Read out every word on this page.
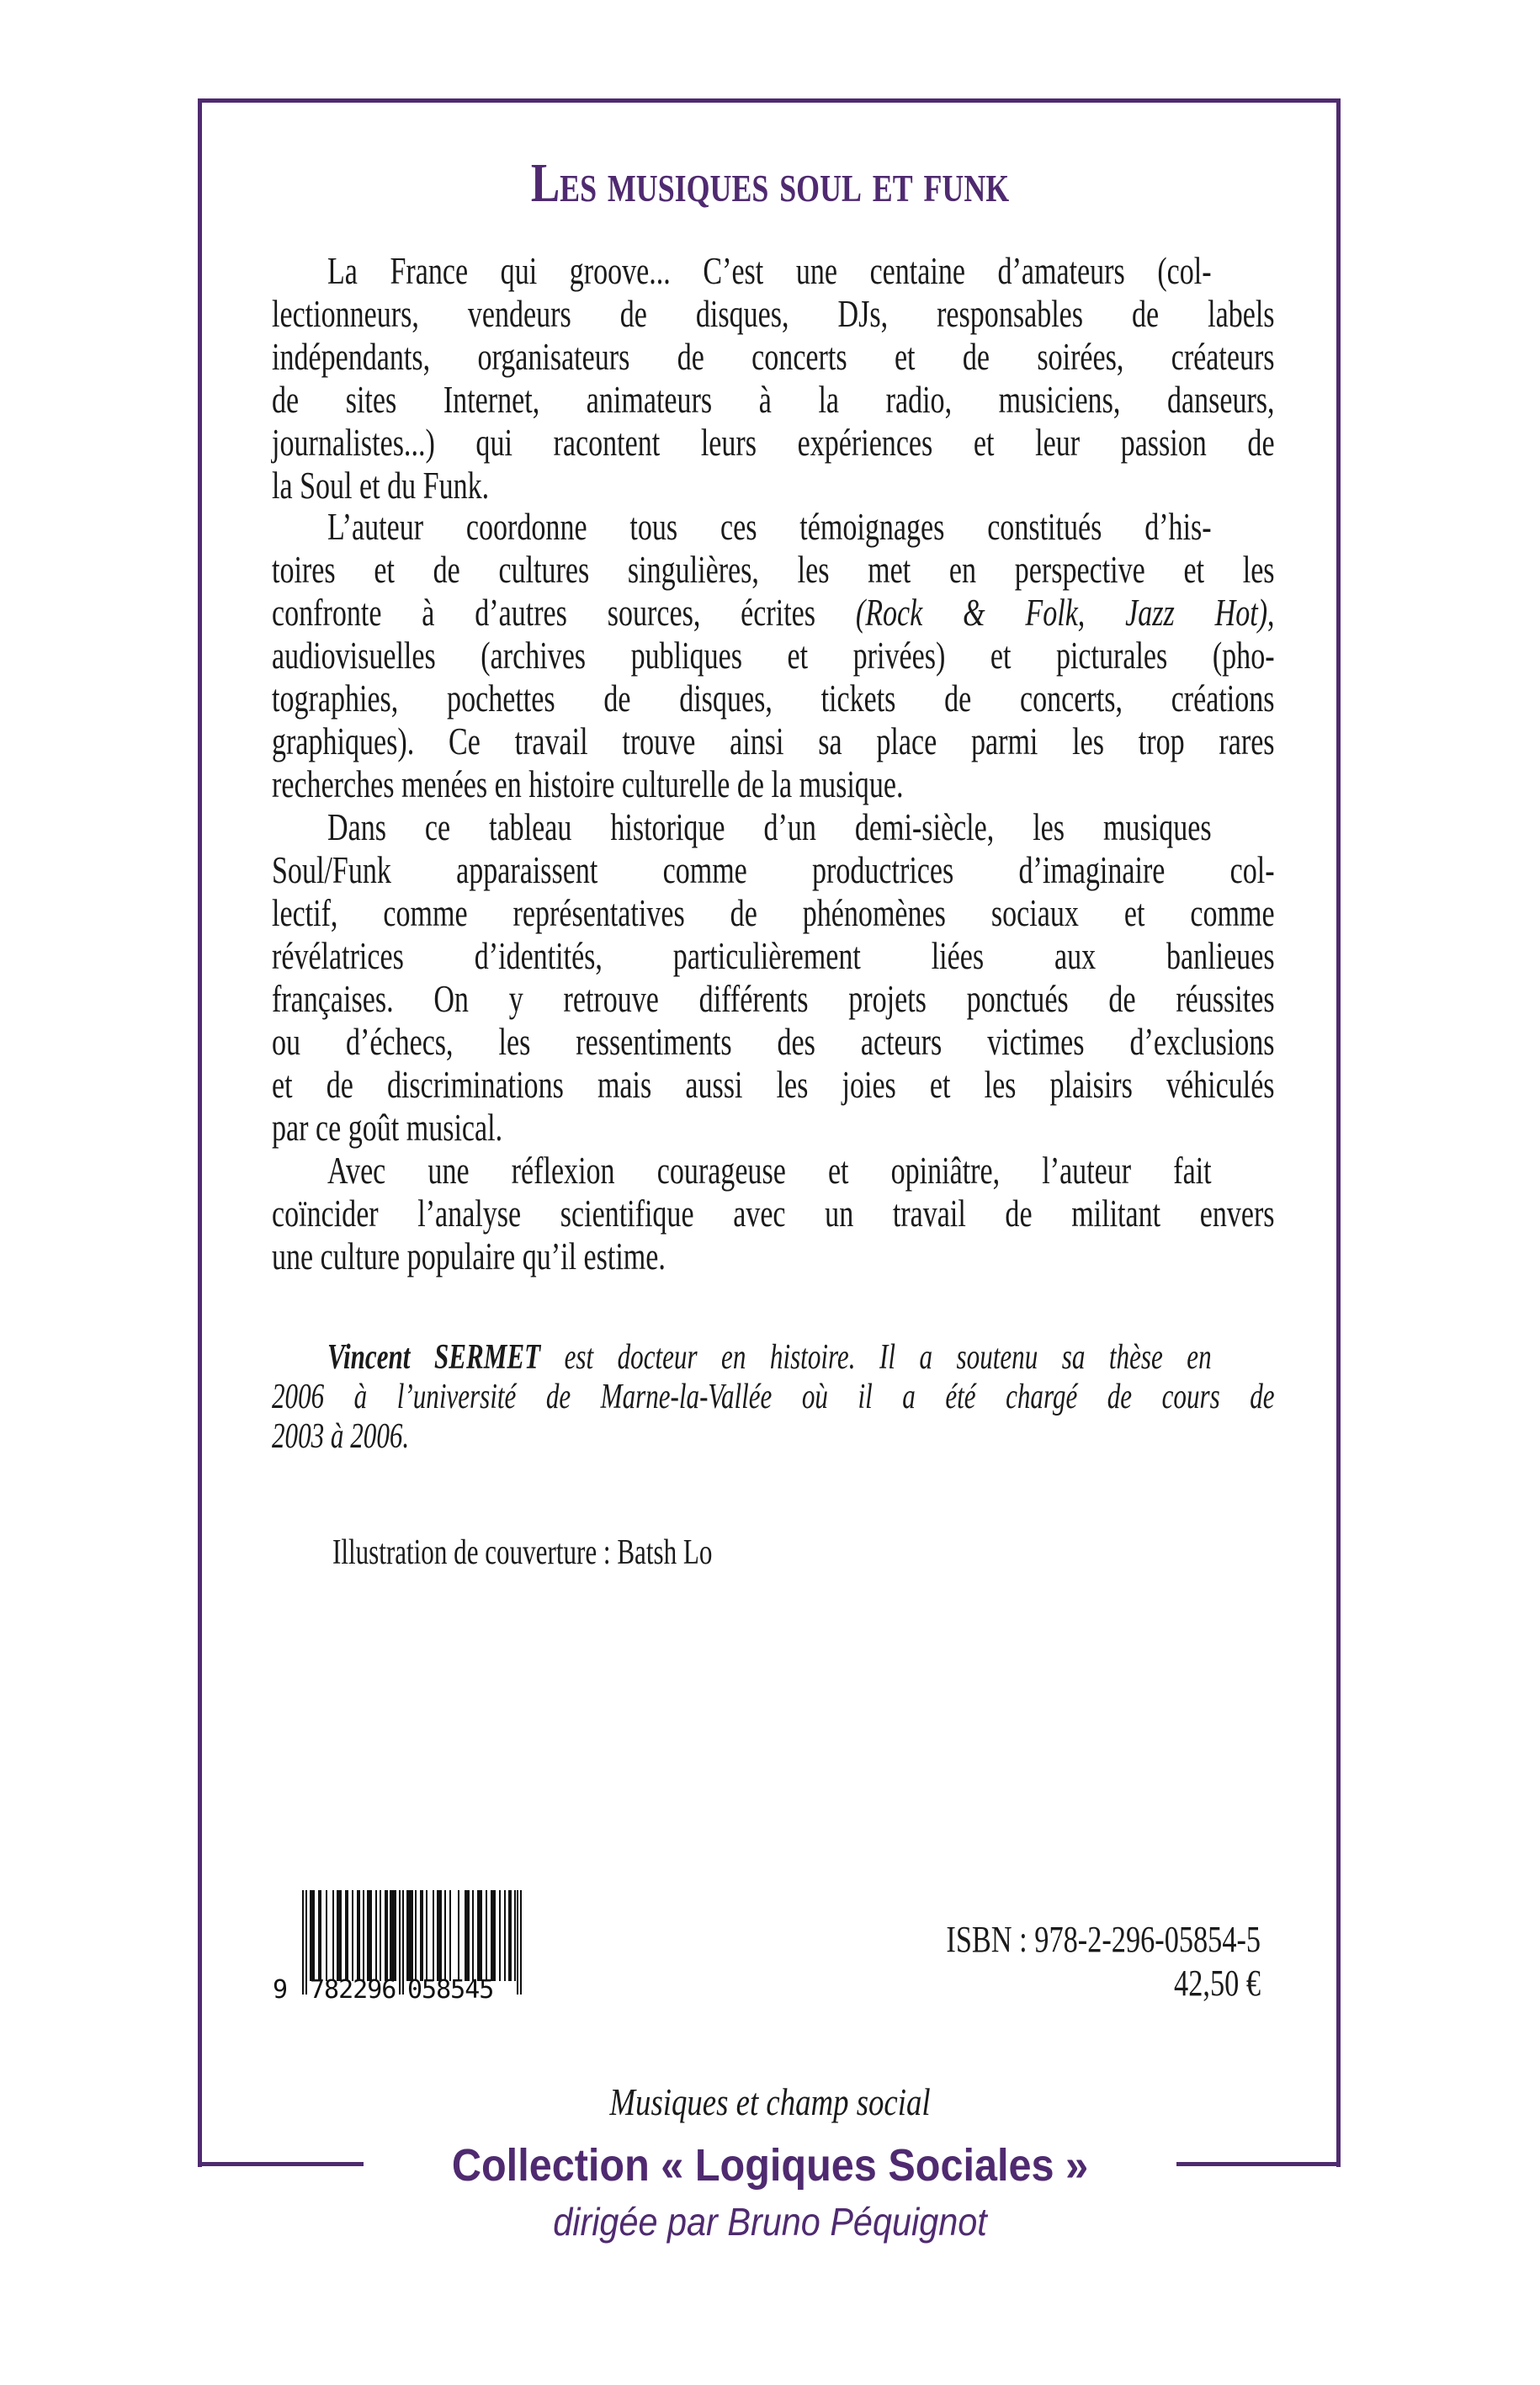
Les musiques soul et funk
La France qui groove... C’est une centaine d’amateurs (col-
lectionneurs, vendeurs de disques, DJs, responsables de labels
indépendants, organisateurs de concerts et de soirées, créateurs
de sites Internet, animateurs à la radio, musiciens, danseurs,
journalistes...) qui racontent leurs expériences et leur passion de
la Soul et du Funk.
L’auteur coordonne tous ces témoignages constitués d’his-
toires et de cultures singulières, les met en perspective et les
confronte à d’autres sources, écrites (Rock & Folk, Jazz Hot),
audiovisuelles (archives publiques et privées) et picturales (pho-
tographies, pochettes de disques, tickets de concerts, créations
graphiques). Ce travail trouve ainsi sa place parmi les trop rares
recherches menées en histoire culturelle de la musique.
Dans ce tableau historique d’un demi-siècle, les musiques
Soul/Funk apparaissent comme productrices d’imaginaire col-
lectif, comme représentatives de phénomènes sociaux et comme
révélatrices d’identités, particulièrement liées aux banlieues
françaises. On y retrouve différents projets ponctués de réussites
ou d’échecs, les ressentiments des acteurs victimes d’exclusions
et de discriminations mais aussi les joies et les plaisirs véhiculés
par ce goût musical.
Avec une réflexion courageuse et opiniâtre, l’auteur fait
coïncider l’analyse scientifique avec un travail de militant envers
une culture populaire qu’il estime.
Vincent SERMET est docteur en histoire. Il a soutenu sa thèse en
2006 à l’université de Marne-la-Vallée où il a été chargé de cours de
2003 à 2006.
Illustration de couverture : Batsh Lo
9 782296 058545
ISBN : 978-2-296-05854-5
42,50 €
Musiques et champ social
Collection « Logiques Sociales »
dirigée par Bruno Péquignot
